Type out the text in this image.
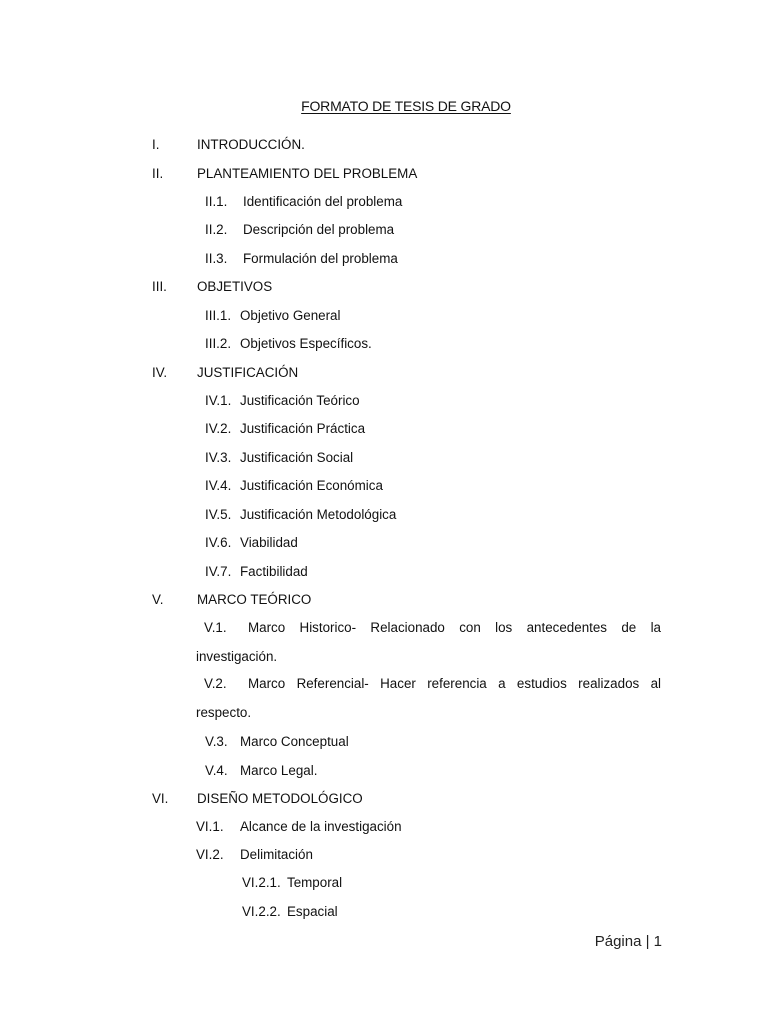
FORMATO DE TESIS DE GRADO
I.	INTRODUCCIÓN.
II.	PLANTEAMIENTO DEL PROBLEMA
II.1. Identificación del problema
II.2. Descripción del problema
II.3. Formulación del problema
III. OBJETIVOS
III.1. Objetivo General
III.2. Objetivos Específicos.
IV. JUSTIFICACIÓN
IV.1. Justificación Teórico
IV.2. Justificación Práctica
IV.3. Justificación Social
IV.4. Justificación Económica
IV.5. Justificación Metodológica
IV.6. Viabilidad
IV.7. Factibilidad
V.	MARCO TEÓRICO
V.1. Marco Historico- Relacionado con los antecedentes de la investigación.
V.2. Marco Referencial- Hacer referencia a estudios realizados al respecto.
V.3. Marco Conceptual
V.4. Marco Legal.
VI. DISEÑO METODOLÓGICO
VI.1. Alcance de la investigación
VI.2. Delimitación
VI.2.1. Temporal
VI.2.2. Espacial
Página | 1
